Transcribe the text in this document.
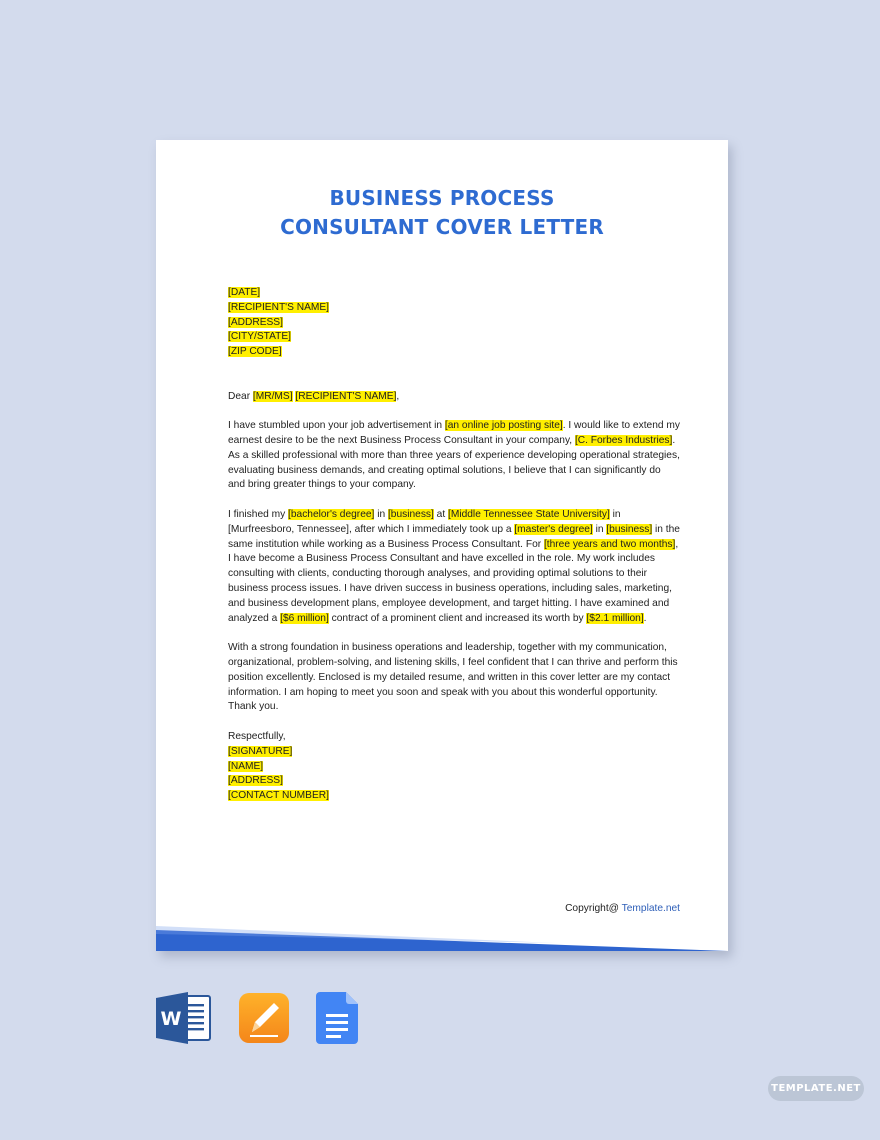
BUSINESS PROCESS
CONSULTANT COVER LETTER

[DATE]

[RECIPIENT'S NAME]

[ADDRESS]

[CITY/STATE]

[ZIP CODE]

Dear [MR/MS] [RECIPIENT'S NAME],

I have stumbled upon your job advertisement in [an online job posting site]. I would like to extend my earnest desire to be the next Business Process Consultant in your company, [C. Forbes Industries]. As a skilled professional with more than three years of experience developing operational strategies, evaluating business demands, and creating optimal solutions, I believe that I can significantly do and bring greater things to your company.

I finished my [bachelor's degree] in [business] at [Middle Tennessee State University] in [Murfreesboro, Tennessee], after which I immediately took up a [master's degree] in [business] in the same institution while working as a Business Process Consultant. For [three years and two months], I have become a Business Process Consultant and have excelled in the role. My work includes consulting with clients, conducting thorough analyses, and providing optimal solutions to their business process issues. I have driven success in business operations, including sales, marketing, and business development plans, employee development, and target hitting. I have examined and analyzed a [$6 million] contract of a prominent client and increased its worth by [$2.1 million].

With a strong foundation in business operations and leadership, together with my communication, organizational, problem-solving, and listening skills, I feel confident that I can thrive and perform this position excellently. Enclosed is my detailed resume, and written in this cover letter are my contact information. I am hoping to meet you soon and speak with you about this wonderful opportunity. Thank you.

Respectfully,

[SIGNATURE]

[NAME]

[ADDRESS]

[CONTACT NUMBER]

Copyright@ Template.net
W
TEMPLATE.NET
